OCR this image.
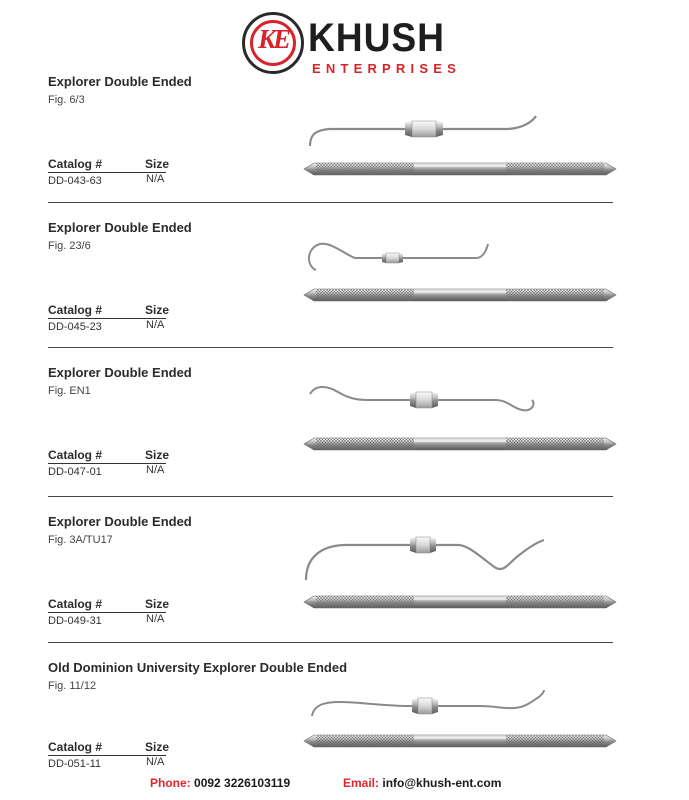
KE KHUSH
ENTERPRISES
Explorer Double Ended
Fig. 6/3
Catalog #	Size
DD-043-63	N/A
Explorer Double Ended
Fig. 23/6
Catalog #	Size
DD-045-23	N/A
Explorer Double Ended
Fig. EN1
Catalog #	Size
DD-047-01	N/A
Explorer Double Ended
Fig. 3A/TU17
Catalog #	Size
DD-049-31	N/A
Old Dominion University Explorer Double Ended
Fig. 11/12
Catalog #	Size
DD-051-11	N/A
Phone: 0092 3226103119	Email: info@khush-ent.com
